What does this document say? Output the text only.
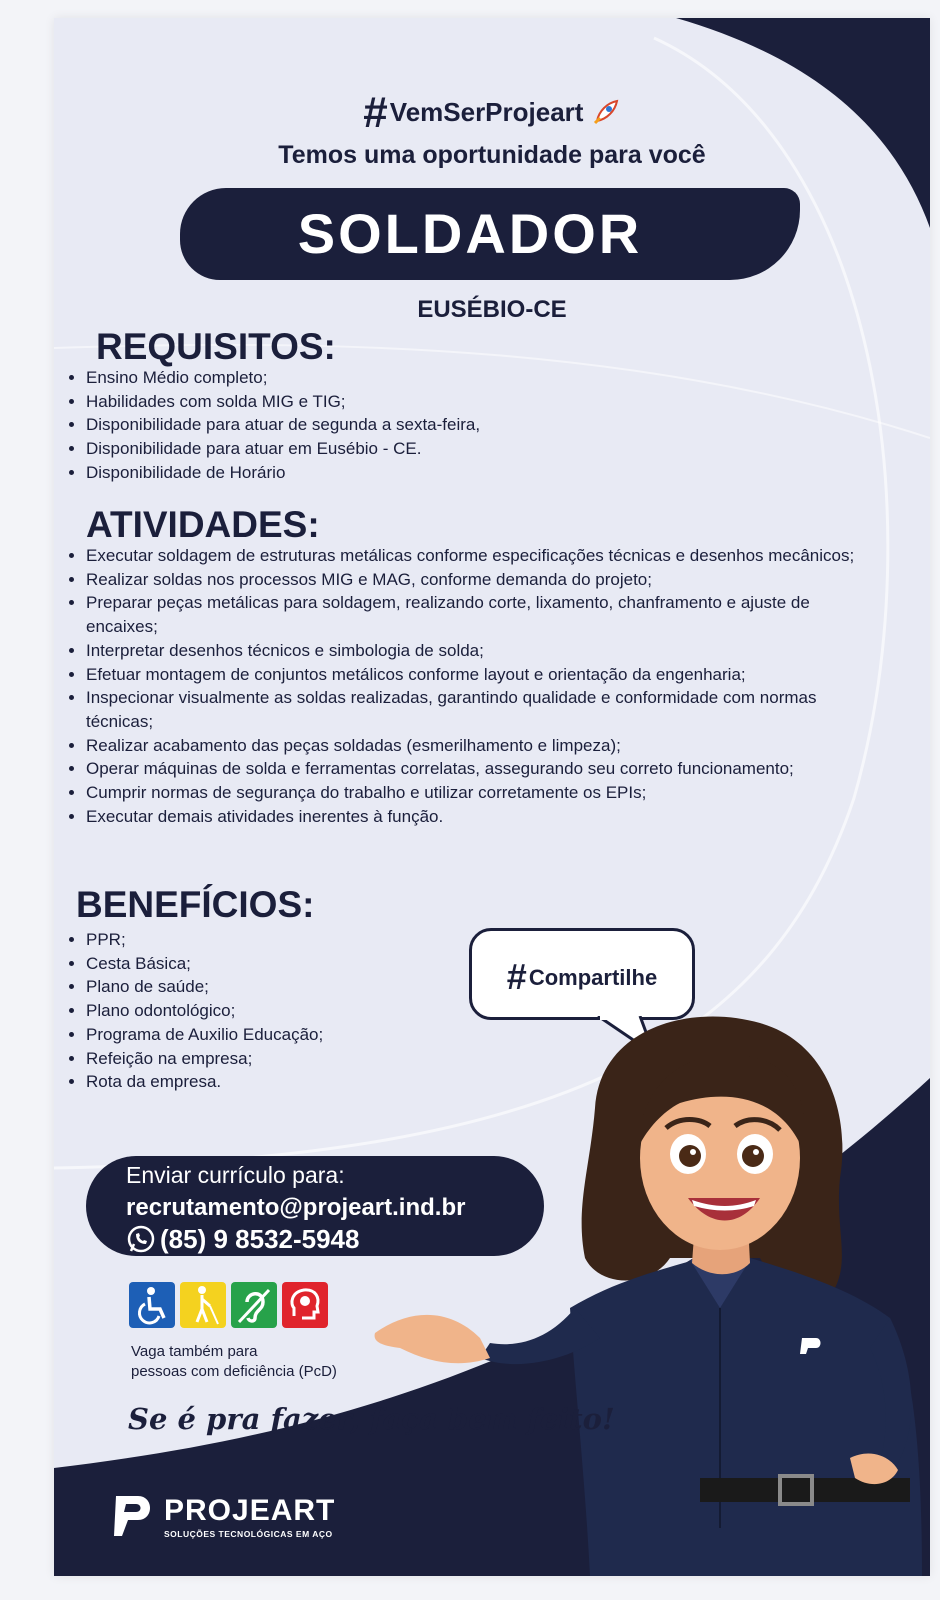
#VemSerProjeart
Temos uma oportunidade para você
SOLDADOR
EUSÉBIO-CE
REQUISITOS:
• Ensino Médio completo;
• Habilidades com solda MIG e TIG;
• Disponibilidade para atuar de segunda a sexta-feira,
• Disponibilidade para atuar em Eusébio - CE.
• Disponibilidade de Horário
ATIVIDADES:
• Executar soldagem de estruturas metálicas conforme especificações técnicas e desenhos mecânicos;
• Realizar soldas nos processos MIG e MAG, conforme demanda do projeto;
• Preparar peças metálicas para soldagem, realizando corte, lixamento, chanframento e ajuste de encaixes;
• Interpretar desenhos técnicos e simbologia de solda;
• Efetuar montagem de conjuntos metálicos conforme layout e orientação da engenharia;
• Inspecionar visualmente as soldas realizadas, garantindo qualidade e conformidade com normas técnicas;
• Realizar acabamento das peças soldadas (esmerilhamento e limpeza);
• Operar máquinas de solda e ferramentas correlatas, assegurando seu correto funcionamento;
• Cumprir normas de segurança do trabalho e utilizar corretamente os EPIs;
• Executar demais atividades inerentes à função.
BENEFÍCIOS:
• PPR;
• Cesta Básica;
• Plano de saúde;
• Plano odontológico;
• Programa de Auxilio Educação;
• Refeição na empresa;
• Rota da empresa.
#Compartilhe
Enviar currículo para:
recrutamento@projeart.ind.br
(85) 9 8532-5948
Vaga também para
pessoas com deficiência (PcD)
Se é pra fazer, faça bem feito!
PROJEART
SOLUÇÕES TECNOLÓGICAS EM AÇO
